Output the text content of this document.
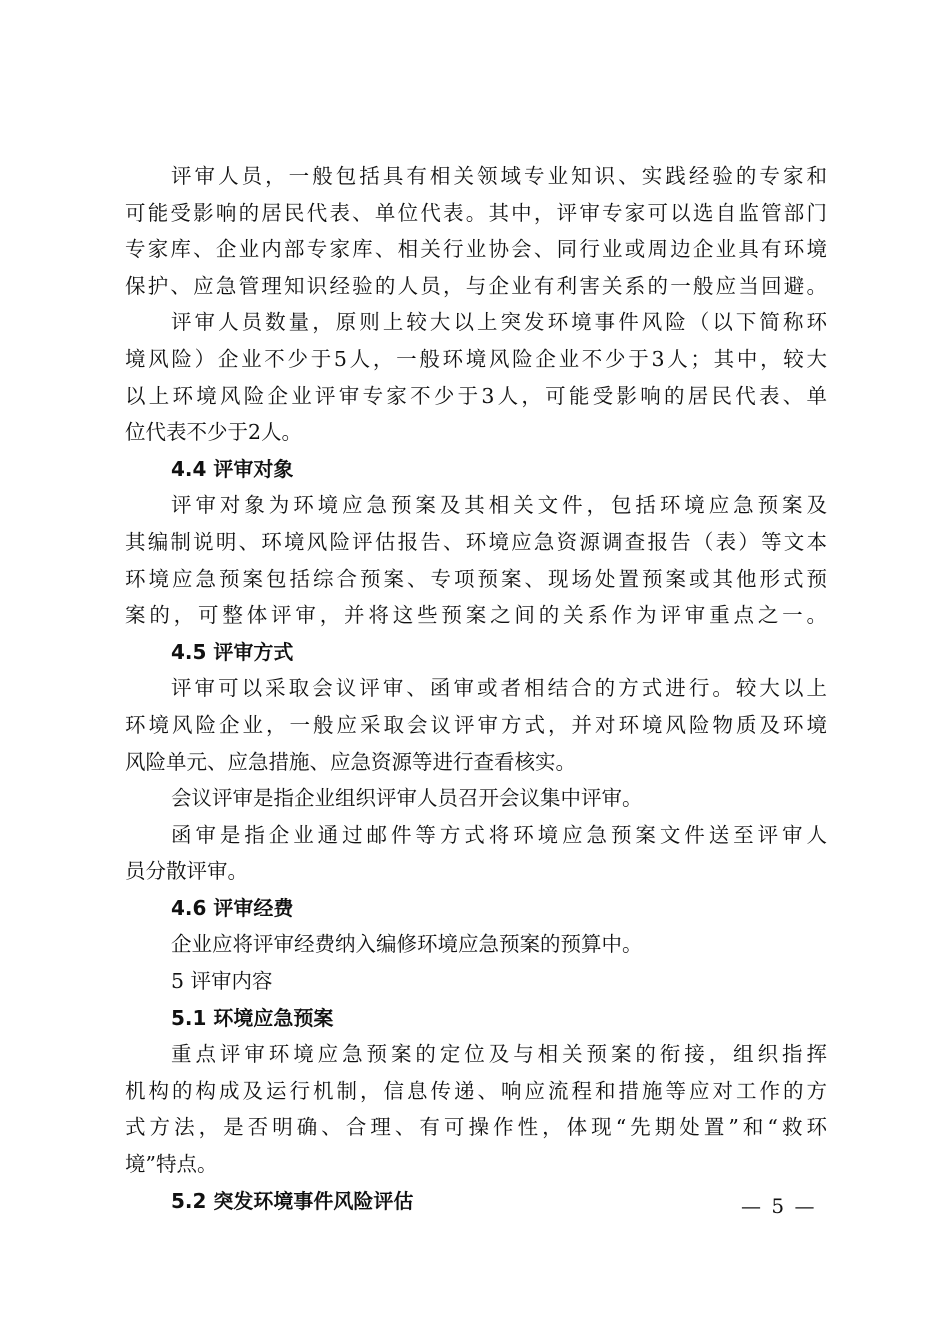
评审人员，一般包括具有相关领域专业知识、实践经验的专家和
可能受影响的居民代表、单位代表。其中，评审专家可以选自监管部门
专家库、企业内部专家库、相关行业协会、同行业或周边企业具有环境
保护、应急管理知识经验的人员，与企业有利害关系的一般应当回避。
评审人员数量，原则上较大以上突发环境事件风险（以下简称环
境风险）企业不少于5人，一般环境风险企业不少于3人；其中，较大
以上环境风险企业评审专家不少于3人，可能受影响的居民代表、单
位代表不少于2人。
4.4 评审对象
评审对象为环境应急预案及其相关文件，包括环境应急预案及
其编制说明、环境风险评估报告、环境应急资源调查报告（表）等文本
环境应急预案包括综合预案、专项预案、现场处置预案或其他形式预
案的，可整体评审，并将这些预案之间的关系作为评审重点之一。
4.5 评审方式
评审可以采取会议评审、函审或者相结合的方式进行。较大以上
环境风险企业，一般应采取会议评审方式，并对环境风险物质及环境
风险单元、应急措施、应急资源等进行查看核实。
会议评审是指企业组织评审人员召开会议集中评审。
函审是指企业通过邮件等方式将环境应急预案文件送至评审人
员分散评审。
4.6 评审经费
企业应将评审经费纳入编修环境应急预案的预算中。
5 评审内容
5.1 环境应急预案
重点评审环境应急预案的定位及与相关预案的衔接，组织指挥
机构的构成及运行机制，信息传递、响应流程和措施等应对工作的方
式方法，是否明确、合理、有可操作性，体现“先期处置”和“救环
境”特点。
5.2 突发环境事件风险评估	— 5 —
